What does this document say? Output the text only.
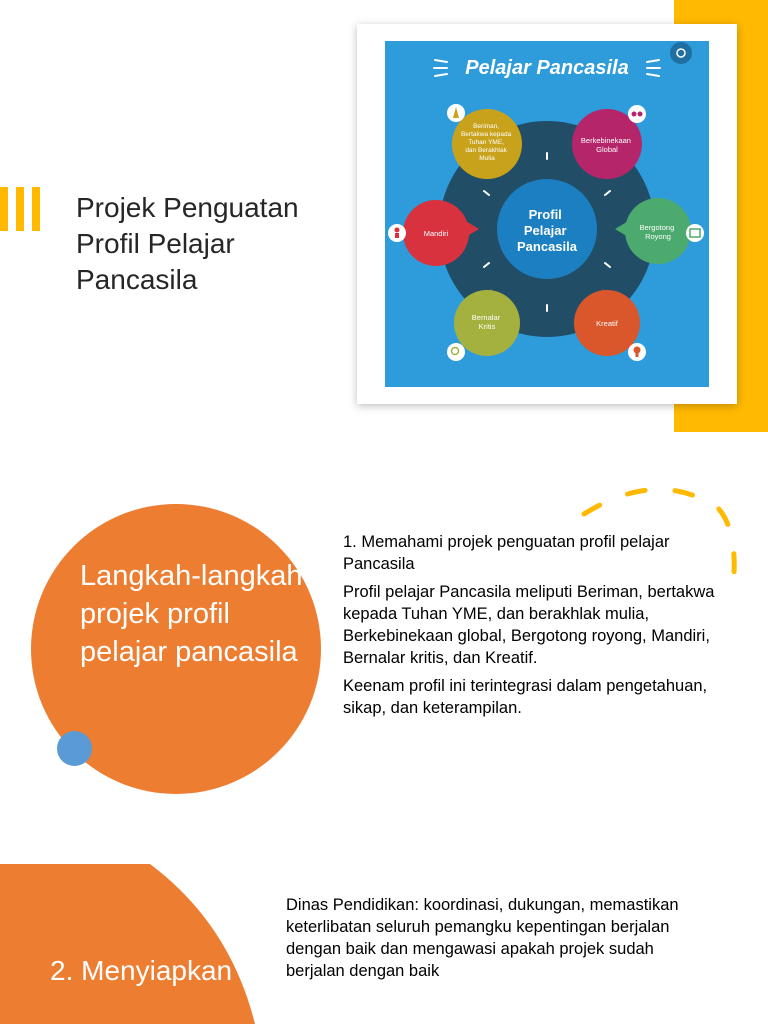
Projek Penguatan Profil Pelajar Pancasila
Pelajar Pancasila
Profil Pelajar Pancasila
Beriman, Bertakwa kepada Tuhan YME, dan Berakhlak Mulia
Berkebinekaan Global
Bergotong Royong
Kreatif
Bernalar Kritis
Mandiri
Langkah-langkah projek profil pelajar pancasila

1. Memahami projek penguatan profil pelajar Pancasila

Profil pelajar Pancasila meliputi Beriman, bertakwa kepada Tuhan YME, dan berakhlak mulia, Berkebinekaan global, Bergotong royong, Mandiri, Bernalar kritis, dan Kreatif.

Keenam profil ini terintegrasi dalam pengetahuan, sikap, dan keterampilan.

2. Menyiapkan

Dinas Pendidikan: koordinasi, dukungan, memastikan keterlibatan seluruh pemangku kepentingan berjalan dengan baik dan mengawasi apakah projek sudah berjalan dengan baik
